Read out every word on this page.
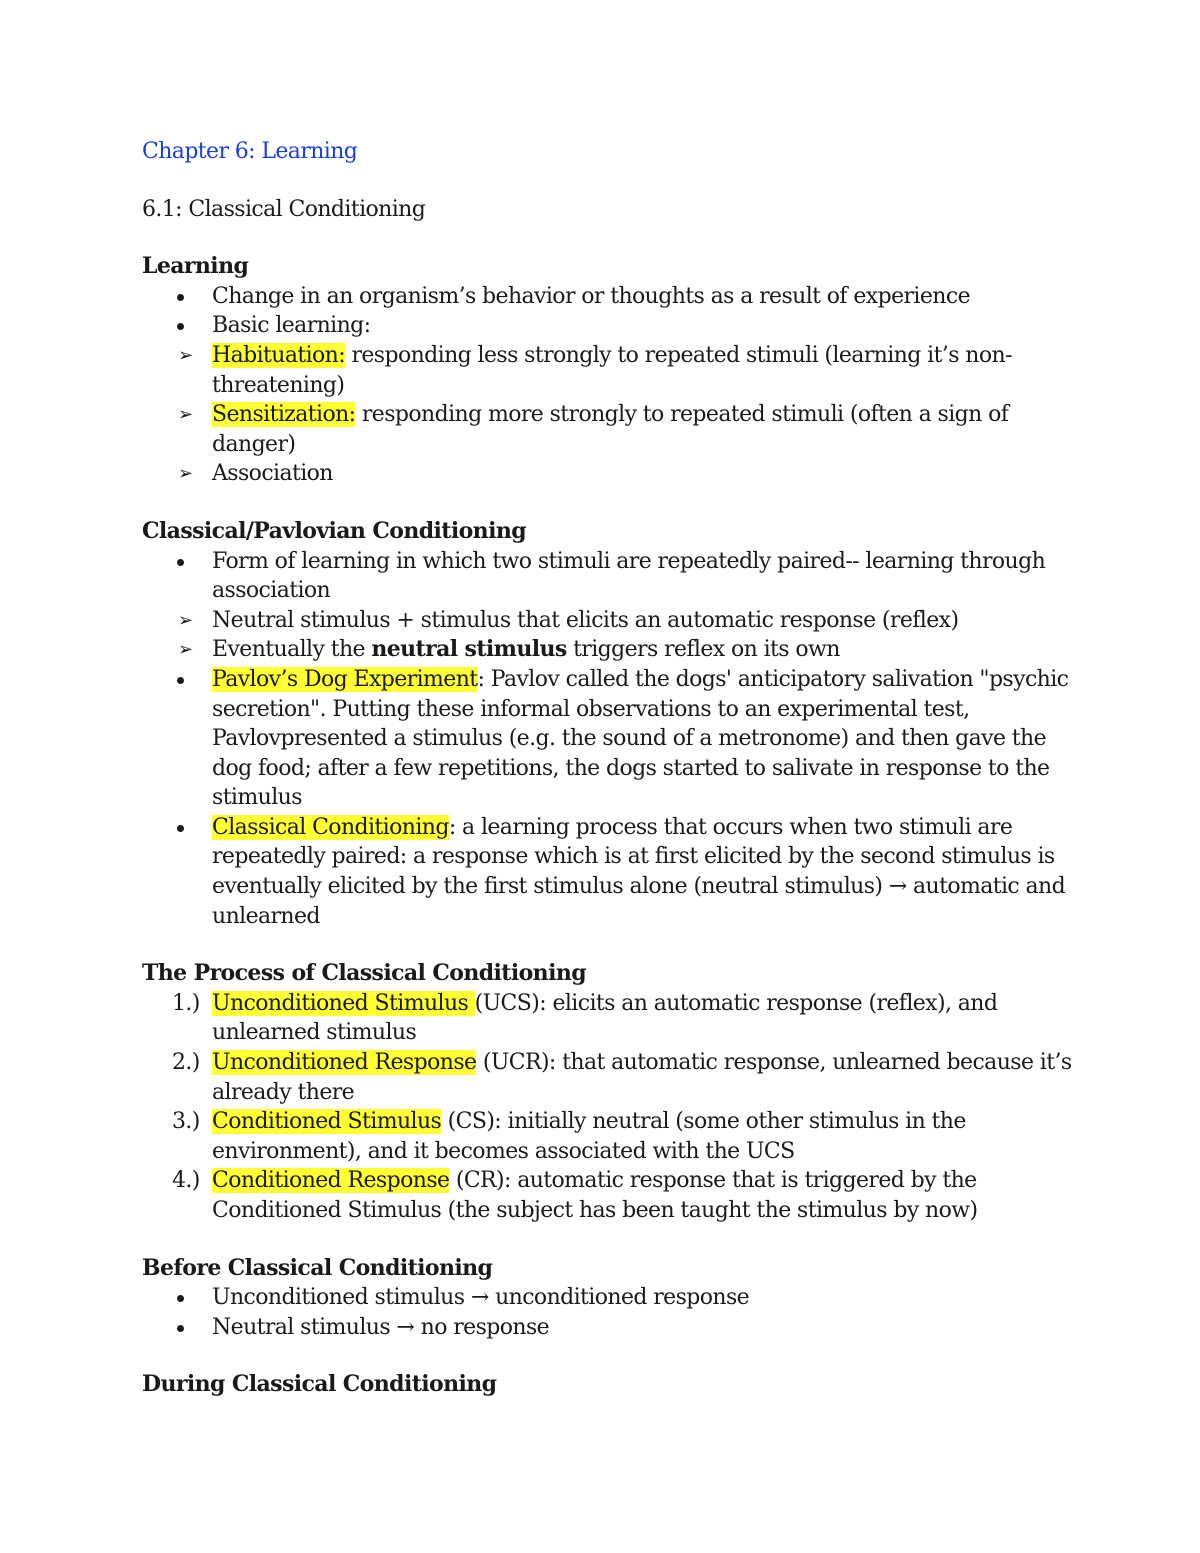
Chapter 6: Learning

6.1: Classical Conditioning

Learning

Change in an organism’s behavior or thoughts as a result of experience
Basic learning:
➢ Habituation: responding less strongly to repeated stimuli (learning it’s non-threatening)
➢ Sensitization: responding more strongly to repeated stimuli (often a sign of danger)
➢ Association

Classical/Pavlovian Conditioning

Form of learning in which two stimuli are repeatedly paired-- learning through association
➢ Neutral stimulus + stimulus that elicits an automatic response (reflex)
➢ Eventually the neutral stimulus triggers reflex on its own
Pavlov’s Dog Experiment: Pavlov called the dogs' anticipatory salivation "psychic secretion". Putting these informal observations to an experimental test, Pavlovpresented a stimulus (e.g. the sound of a metronome) and then gave the dog food; after a few repetitions, the dogs started to salivate in response to the stimulus
Classical Conditioning: a learning process that occurs when two stimuli are repeatedly paired: a response which is at first elicited by the second stimulus is eventually elicited by the first stimulus alone (neutral stimulus) → automatic and unlearned

The Process of Classical Conditioning

1.) Unconditioned Stimulus (UCS): elicits an automatic response (reflex), and unlearned stimulus
2.) Unconditioned Response (UCR): that automatic response, unlearned because it’s already there
3.) Conditioned Stimulus (CS): initially neutral (some other stimulus in the environment), and it becomes associated with the UCS
4.) Conditioned Response (CR): automatic response that is triggered by the Conditioned Stimulus (the subject has been taught the stimulus by now)

Before Classical Conditioning

Unconditioned stimulus → unconditioned response
Neutral stimulus → no response

During Classical Conditioning
